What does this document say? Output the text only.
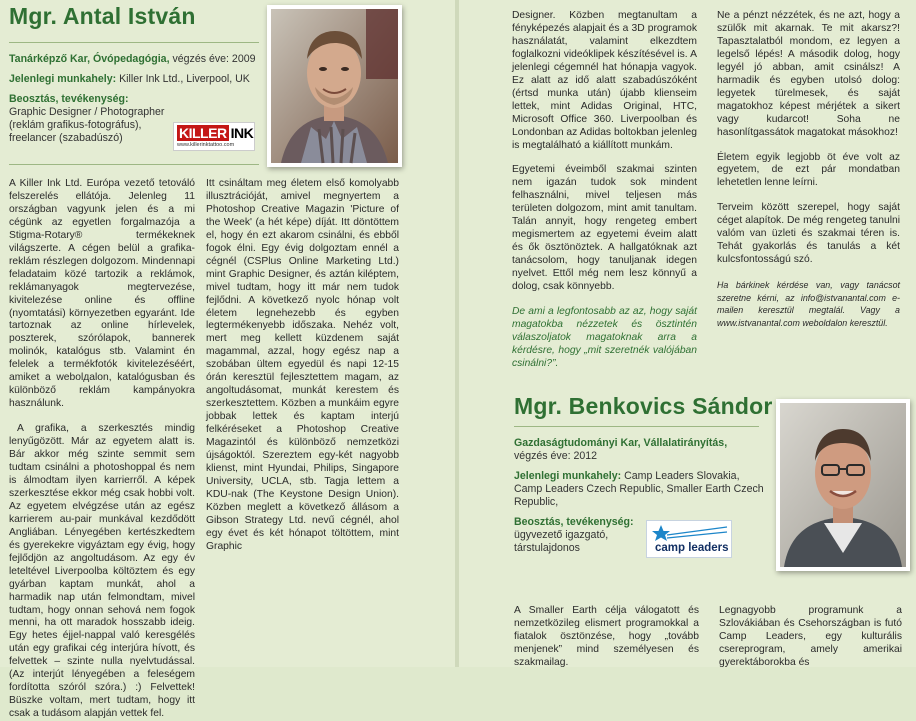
Mgr. Antal István

Tanárképző Kar, Óvópedagógia, végzés éve: 2009

Jelenlegi munkahely: Killer Ink Ltd., Liverpool, UK

Beosztás, tevékenység:

Graphic Designer / Photographer
(reklám grafikus-fotográfus),
freelancer (szabadúszó)	KILLER INK
www.killerinktattoo.com

A Killer Ink Ltd. Európa vezető tetováló felszerelés ellátója. Jelenleg 11 országban vagyunk jelen és a mi cégünk az egyetlen forgalmazója a Stigma-Rotary® termékeknek világszerte. A cégen belül a grafika-reklám részlegen dolgozom. Mindennapi feladataim közé tartozik a reklámok, reklámanyagok megtervezése, kivitelezése online és offline (nyomtatási) környezetben egyaránt. Ide tartoznak az online hírlevelek, poszterek, szórólapok, bannerek molinók, katalógus stb. Valamint én felelek a termékfotók kivitelezéséért, amiket a webolдalon, katalógusban és különböző reklám kampányokra használunk.

A grafika, a szerkesztés mindig lenyűgözött. Már az egyetem alatt is. Bár akkor még szinte semmit sem tudtam csinálni a photoshoppal és nem is álmodtam ilyen karrierről. A képek szerkesztése ekkor még csak hobbi volt. Az egyetem elvégzése után az egész karrierem au-pair munkával kezdődött Angliában. Lényegében kertészkedtem és gyerekekre vigyáztam egy évig, hogy fejlődjön az angoltudásom. Az egy év leteltével Liverpoolba költöztem és egy gyárban kaptam munkát, ahol a harmadik nap után felmondtam, mivel tudtam, hogy onnan sehová nem fogok menni, ha ott maradok hosszabb ideig. Egy hetes éjjel-nappal való keresgélés után egy grafikai cég interjúra hívott, és felvettek – szinte nulla nyelvtudással. (Az interjút lényegében a feleségem fordította szóról szóra.) :) Felvettek! Büszke voltam, mert tudtam, hogy itt csak a tudásom alapján vettek fel.

Itt csináltam meg életem első komolyabb illusztrációját, amivel megnyertem a Photoshop Creative Magazin 'Picture of the Week' (a hét képe) díját. Itt döntöttem el, hogy én ezt akarom csinálni, és ebből fogok élni. Egy évig dolgoztam ennél a cégnél (CSPlus Online Marketing Ltd.) mint Graphic Designer, és aztán kiléptem, mivel tudtam, hogy itt már nem tudok fejlődni. A következő nyolc hónap volt életem legnehezebb és egyben legtermékenyebb időszaka. Nehéz volt, mert meg kellett küzdenem saját magammal, azzal, hogy egész nap a szobában ültem egyedül és napi 12-15 órán keresztül fejlesztettem magam, az angoltudásomat, munkát kerestem és szerkesztettem. Közben a munkáim egyre jobbak lettek és kaptam interjú felkéréseket a Photoshop Creative Magazintól és különböző nemzetközi újságoktól. Szereztem egy-két nagyobb klienst, mint Hyundai, Philips, Singapore University, UCLA, stb. Tagja lettem a KDU-nak (The Keystone Design Union). Közben meglett a következő állásom a Gibson Strategy Ltd. nevű cégnél, ahol egy évet és két hónapot töltöttem, mint Graphic

Designer. Közben megtanultam a fényképezés alapjait és a 3D programok használatát, valamint elkezdtem foglalkozni videóklipek készítésével is. A jelenlegi cégemnél hat hónapja vagyok. Ez alatt az idő alatt szabadúszóként (értsd munka után) újabb klienseim lettek, mint Adidas Original, HTC, Microsoft Office 360. Liverpoolban és Londonban az Adidas boltokban jelenleg is megtalálható a kiállított munkám.

Egyetemi éveimből szakmai szinten nem igazán tudok sok mindent felhasználni, mivel teljesen más területen dolgozom, mint amit tanultam. Talán annyit, hogy rengeteg embert megismertem az egyetemi éveim alatt és ők ösztönöztek. A hallgatóknak azt tanácsolom, hogy tanuljanak idegen nyelvet. Ettől még nem lesz könnyű a dolog, csak könnyebb.

De ami a legfontosabb az az, hogy saját magatokba nézzetek és ösztintén válaszoljatok magatoknak arra a kérdésre, hogy „mit szeretnék valójában csinálni?”.

Ne a pénzt nézzétek, és ne azt, hogy a szülők mit akarnak. Te mit akarsz?! Tapasztalatból mondom, ez legyen a legelső lépés! A második dolog, hogy legyél jó abban, amit csinálsz! A harmadik és egyben utolsó dolog: legyetek türelmesek, és saját magatokhoz képest mérjétek a sikert vagy kudarcot! Soha ne hasonlítgassátok magatokat másokhoz!

Életem egyik legjobb öt éve volt az egyetem, de ezt pár mondatban lehetetlen lenne leírni.

Terveim között szerepel, hogy saját céget alapítok. De még rengeteg tanulni valóm van üzleti és szakmai téren is. Tehát gyakorlás és tanulás a két kulcsfontosságú szó.

Ha bárkinek kérdése van, vagy tanácsot szeretne kérni, az info@istvanantal.com e-mailen keresztül megtalál. Vagy a www.istvanantal.com weboldalon keresztül.

Mgr. Benkovics Sándor
Gazdaságtudományi Kar, Vállalatirányítás,

végzés éve: 2012

Jelenlegi munkahely: Camp Leaders Slovakia, Camp Leaders Czech Republic, Smaller Earth Czech Republic,

Beosztás, tevékenység:
ügyvezető igazgató,
társtulajdonos	camp leaders

A Smaller Earth célja válogatott és nemzetközileg elismert programokkal a fiatalok ösztönzése, hogy „tovább menjenek” mind személyesen és szakmailag.

Legnagyobb programunk a Szlovákiában és Csehországban is futó Camp Leaders, egy kulturális csereprogram, amely amerikai gyerektáborokba és
